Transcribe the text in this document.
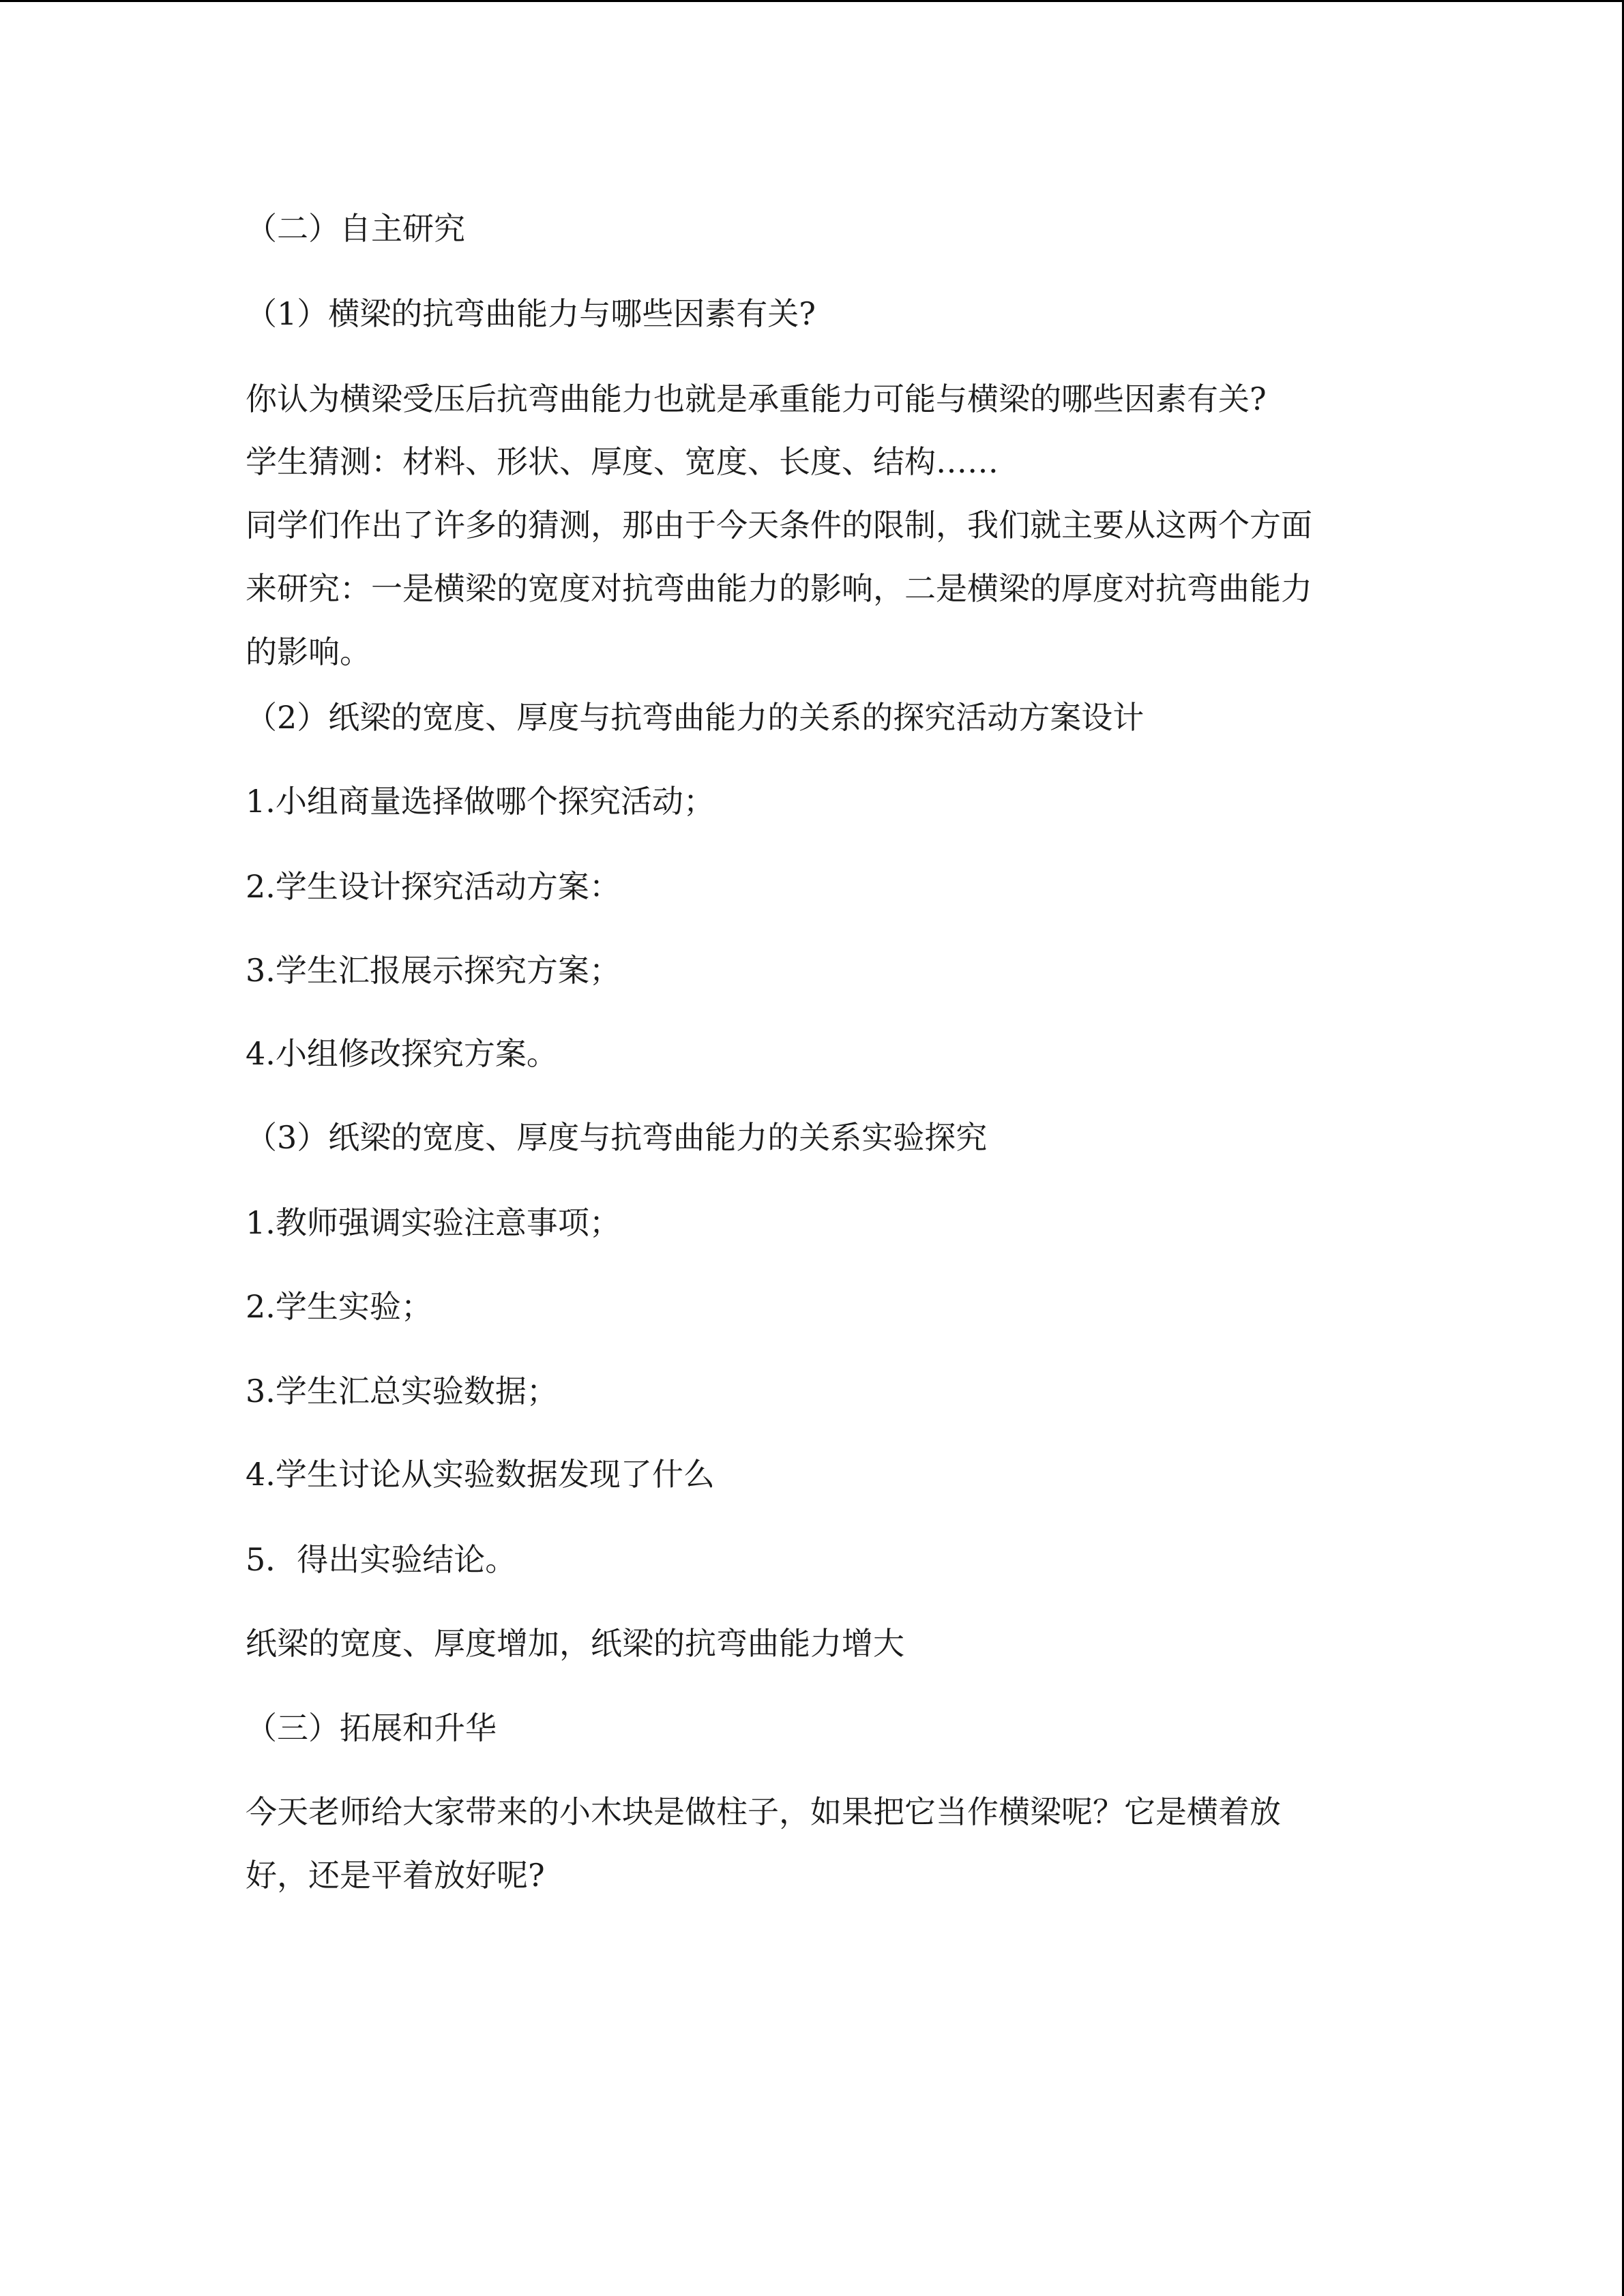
（二）自主研究
（1）横梁的抗弯曲能力与哪些因素有关?
你认为横梁受压后抗弯曲能力也就是承重能力可能与横梁的哪些因素有关?
学生猜测：材料、形状、厚度、宽度、长度、结构……
同学们作出了许多的猜测，那由于今天条件的限制，我们就主要从这两个方面
来研究：一是横梁的宽度对抗弯曲能力的影响，二是横梁的厚度对抗弯曲能力
的影响。
（2）纸梁的宽度、厚度与抗弯曲能力的关系的探究活动方案设计
1.小组商量选择做哪个探究活动；
2.学生设计探究活动方案：
3.学生汇报展示探究方案；
4.小组修改探究方案。
（3）纸梁的宽度、厚度与抗弯曲能力的关系实验探究
1.教师强调实验注意事项；
2.学生实验；
3.学生汇总实验数据；
4.学生讨论从实验数据发现了什么
5．得出实验结论。
纸梁的宽度、厚度增加，纸梁的抗弯曲能力增大
（三）拓展和升华
今天老师给大家带来的小木块是做柱子，如果把它当作横梁呢？它是横着放
好，还是平着放好呢?
